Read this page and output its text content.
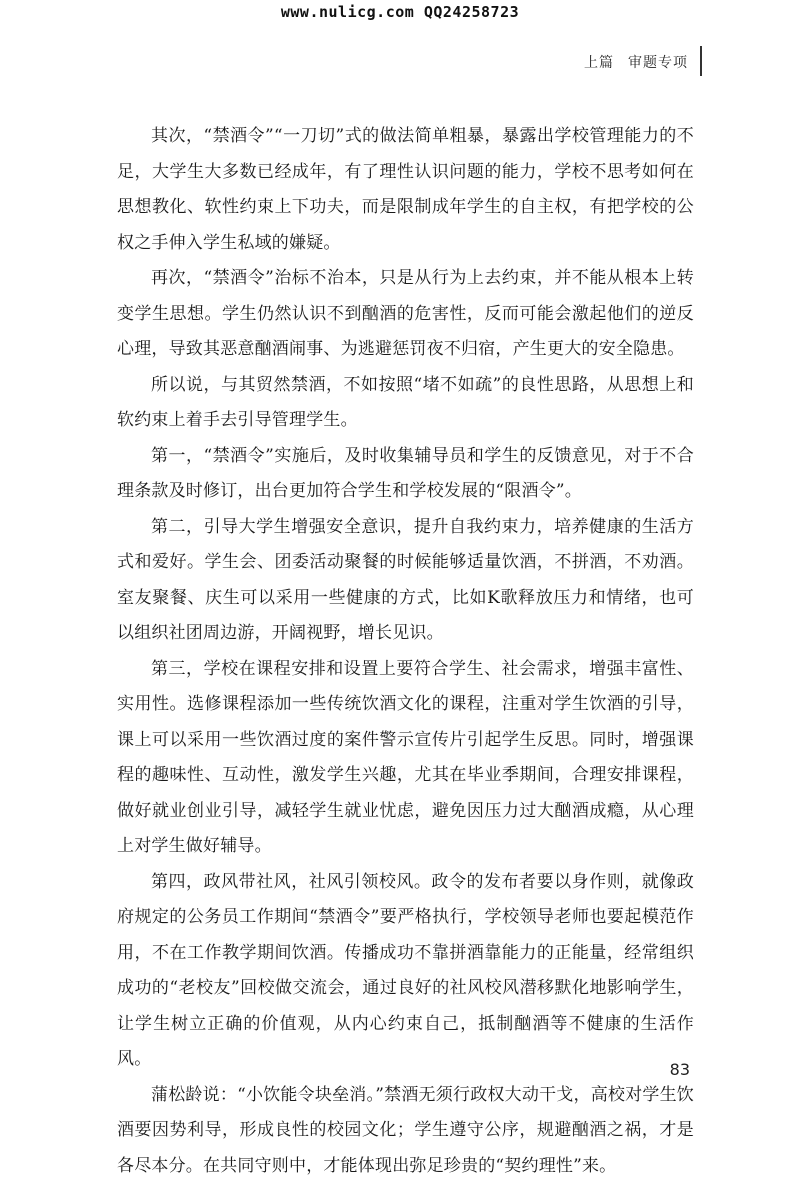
www.nulicg.com QQ24258723
上篇 审题专项

其次，“禁酒令”“一刀切”式的做法简单粗暴，暴露出学校管理能力的不足，大学生大多数已经成年，有了理性认识问题的能力，学校不思考如何在思想教化、软性约束上下功夫，而是限制成年学生的自主权，有把学校的公权之手伸入学生私域的嫌疑。

再次，“禁酒令”治标不治本，只是从行为上去约束，并不能从根本上转变学生思想。学生仍然认识不到酗酒的危害性，反而可能会激起他们的逆反心理，导致其恶意酗酒闹事、为逃避惩罚夜不归宿，产生更大的安全隐患。

所以说，与其贸然禁酒，不如按照“堵不如疏”的良性思路，从思想上和软约束上着手去引导管理学生。

第一，“禁酒令”实施后，及时收集辅导员和学生的反馈意见，对于不合理条款及时修订，出台更加符合学生和学校发展的“限酒令”。

第二，引导大学生增强安全意识，提升自我约束力，培养健康的生活方式和爱好。学生会、团委活动聚餐的时候能够适量饮酒，不拼酒，不劝酒。室友聚餐、庆生可以采用一些健康的方式，比如K歌释放压力和情绪，也可以组织社团周边游，开阔视野，增长见识。

第三，学校在课程安排和设置上要符合学生、社会需求，增强丰富性、实用性。选修课程添加一些传统饮酒文化的课程，注重对学生饮酒的引导，课上可以采用一些饮酒过度的案件警示宣传片引起学生反思。同时，增强课程的趣味性、互动性，激发学生兴趣，尤其在毕业季期间，合理安排课程，做好就业创业引导，减轻学生就业忧虑，避免因压力过大酗酒成瘾，从心理上对学生做好辅导。

第四，政风带社风，社风引领校风。政令的发布者要以身作则，就像政府规定的公务员工作期间“禁酒令”要严格执行，学校领导老师也要起模范作用，不在工作教学期间饮酒。传播成功不靠拼酒靠能力的正能量，经常组织成功的“老校友”回校做交流会，通过良好的社风校风潜移默化地影响学生，让学生树立正确的价值观，从内心约束自己，抵制酗酒等不健康的生活作风。

蒲松龄说：“小饮能令块垒消。”禁酒无须行政权大动干戈，高校对学生饮酒要因势利导，形成良性的校园文化；学生遵守公序，规避酗酒之祸，才是各尽本分。在共同守则中，才能体现出弥足珍贵的“契约理性”来。

83
